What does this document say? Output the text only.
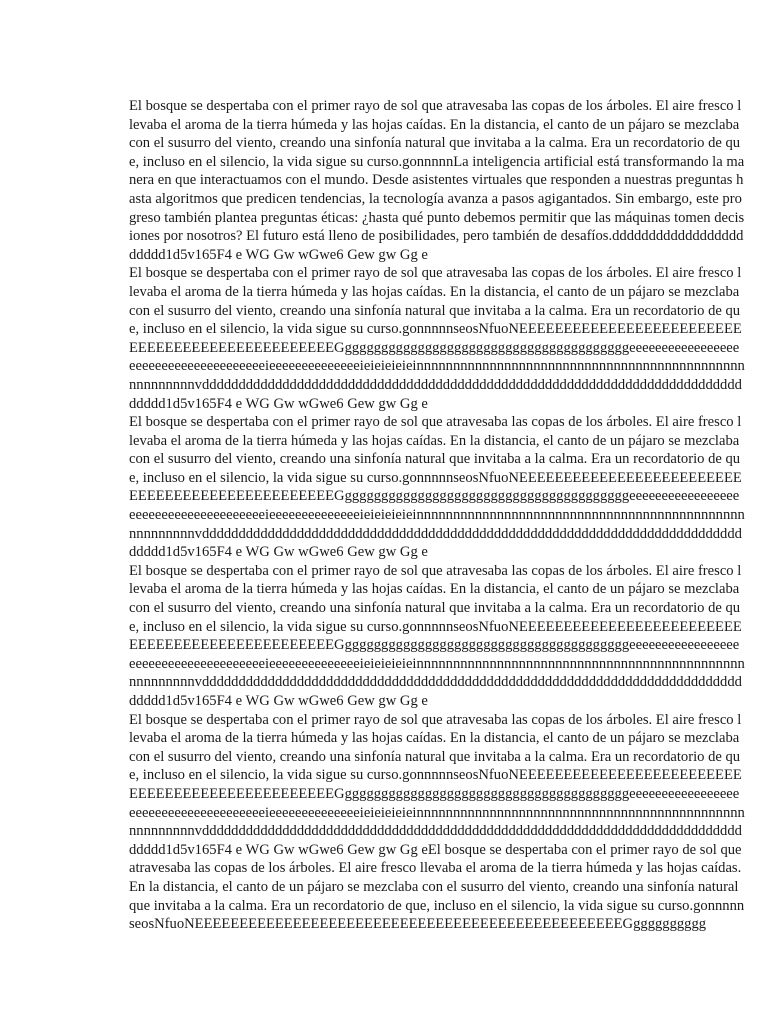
El bosque se despertaba con el primer rayo de sol que atravesaba las copas de los árboles. El aire fresco llevaba el aroma de la tierra húmeda y las hojas caídas. En la distancia, el canto de un pájaro se mezclaba con el susurro del viento, creando una sinfonía natural que invitaba a la calma. Era un recordatorio de que, incluso en el silencio, la vida sigue su curso.gonnnnnLa inteligencia artificial está transformando la manera en que interactuamos con el mundo. Desde asistentes virtuales que responden a nuestras preguntas hasta algoritmos que predicen tendencias, la tecnología avanza a pasos agigantados. Sin embargo, este progreso también plantea preguntas éticas: ¿hasta qué punto debemos permitir que las máquinas tomen decisiones por nosotros? El futuro está lleno de posibilidades, pero también de desafíos.ddddddddddddddddddddddd1d5v165F4 e WG Gw wGwe6 Gew gw Gg e

El bosque se despertaba con el primer rayo de sol que atravesaba las copas de los árboles. El aire fresco llevaba el aroma de la tierra húmeda y las hojas caídas. En la distancia, el canto de un pájaro se mezclaba con el susurro del viento, creando una sinfonía natural que invitaba a la calma. Era un recordatorio de que, incluso en el silencio, la vida sigue su curso.gonnnnnseosNfuoNEEEEEEEEEEEEEEEEEEEEEEEEEEEEEEEEEEEEEEEEEEEEEEEEGgggggggggggggggggggggggggggggggggggggggeeeeeeeeeeeeeeeeeeeeeeeeeeeeeeeeeeeeeeieeeeeeeeeeeeeeieieieieieinnnnnnnnnnnnnnnnnnnnnnnnnnnnnnnnnnnnnnnnnnnnnnnnnnnnnnvddddddddddddddddddddddddddddddddddddddddddddddddddddddddddddddddddddddddddddddd1d5v165F4 e WG Gw wGwe6 Gew gw Gg e

El bosque se despertaba con el primer rayo de sol que atravesaba las copas de los árboles. El aire fresco llevaba el aroma de la tierra húmeda y las hojas caídas. En la distancia, el canto de un pájaro se mezclaba con el susurro del viento, creando una sinfonía natural que invitaba a la calma. Era un recordatorio de que, incluso en el silencio, la vida sigue su curso.gonnnnnseosNfuoNEEEEEEEEEEEEEEEEEEEEEEEEEEEEEEEEEEEEEEEEEEEEEEEEGgggggggggggggggggggggggggggggggggggggggeeeeeeeeeeeeeeeeeeeeeeeeeeeeeeeeeeeeeeieeeeeeeeeeeeeeieieieieieinnnnnnnnnnnnnnnnnnnnnnnnnnnnnnnnnnnnnnnnnnnnnnnnnnnnnnvddddddddddddddddddddddddddddddddddddddddddddddddddddddddddddddddddddddddddddddd1d5v165F4 e WG Gw wGwe6 Gew gw Gg e

El bosque se despertaba con el primer rayo de sol que atravesaba las copas de los árboles. El aire fresco llevaba el aroma de la tierra húmeda y las hojas caídas. En la distancia, el canto de un pájaro se mezclaba con el susurro del viento, creando una sinfonía natural que invitaba a la calma. Era un recordatorio de que, incluso en el silencio, la vida sigue su curso.gonnnnnseosNfuoNEEEEEEEEEEEEEEEEEEEEEEEEEEEEEEEEEEEEEEEEEEEEEEEEGgggggggggggggggggggggggggggggggggggggggeeeeeeeeeeeeeeeeeeeeeeeeeeeeeeeeeeeeeeieeeeeeeeeeeeeeieieieieieinnnnnnnnnnnnnnnnnnnnnnnnnnnnnnnnnnnnnnnnnnnnnnnnnnnnnnvddddddddddddddddddddddddddddddddddddddddddddddddddddddddddddddddddddddddddddddd1d5v165F4 e WG Gw wGwe6 Gew gw Gg e

El bosque se despertaba con el primer rayo de sol que atravesaba las copas de los árboles. El aire fresco llevaba el aroma de la tierra húmeda y las hojas caídas. En la distancia, el canto de un pájaro se mezclaba con el susurro del viento, creando una sinfonía natural que invitaba a la calma. Era un recordatorio de que, incluso en el silencio, la vida sigue su curso.gonnnnnseosNfuoNEEEEEEEEEEEEEEEEEEEEEEEEEEEEEEEEEEEEEEEEEEEEEEEEGgggggggggggggggggggggggggggggggggggggggeeeeeeeeeeeeeeeeeeeeeeeeeeeeeeeeeeeeeeieeeeeeeeeeeeeeieieieieieinnnnnnnnnnnnnnnnnnnnnnnnnnnnnnnnnnnnnnnnnnnnnnnnnnnnnnvddddddddddddddddddddddddddddddddddddddddddddddddddddddddddddddddddddddddddddddd1d5v165F4 e WG Gw wGwe6 Gew gw Gg eEl bosque se despertaba con el primer rayo de sol que atravesaba las copas de los árboles. El aire fresco llevaba el aroma de la tierra húmeda y las hojas caídas. En la distancia, el canto de un pájaro se mezclaba con el susurro del viento, creando una sinfonía natural que invitaba a la calma. Era un recordatorio de que, incluso en el silencio, la vida sigue su curso.gonnnnnseosNfuoNEEEEEEEEEEEEEEEEEEEEEEEEEEEEEEEEEEEEEEEEEEEEEEEEGgggggggggg
